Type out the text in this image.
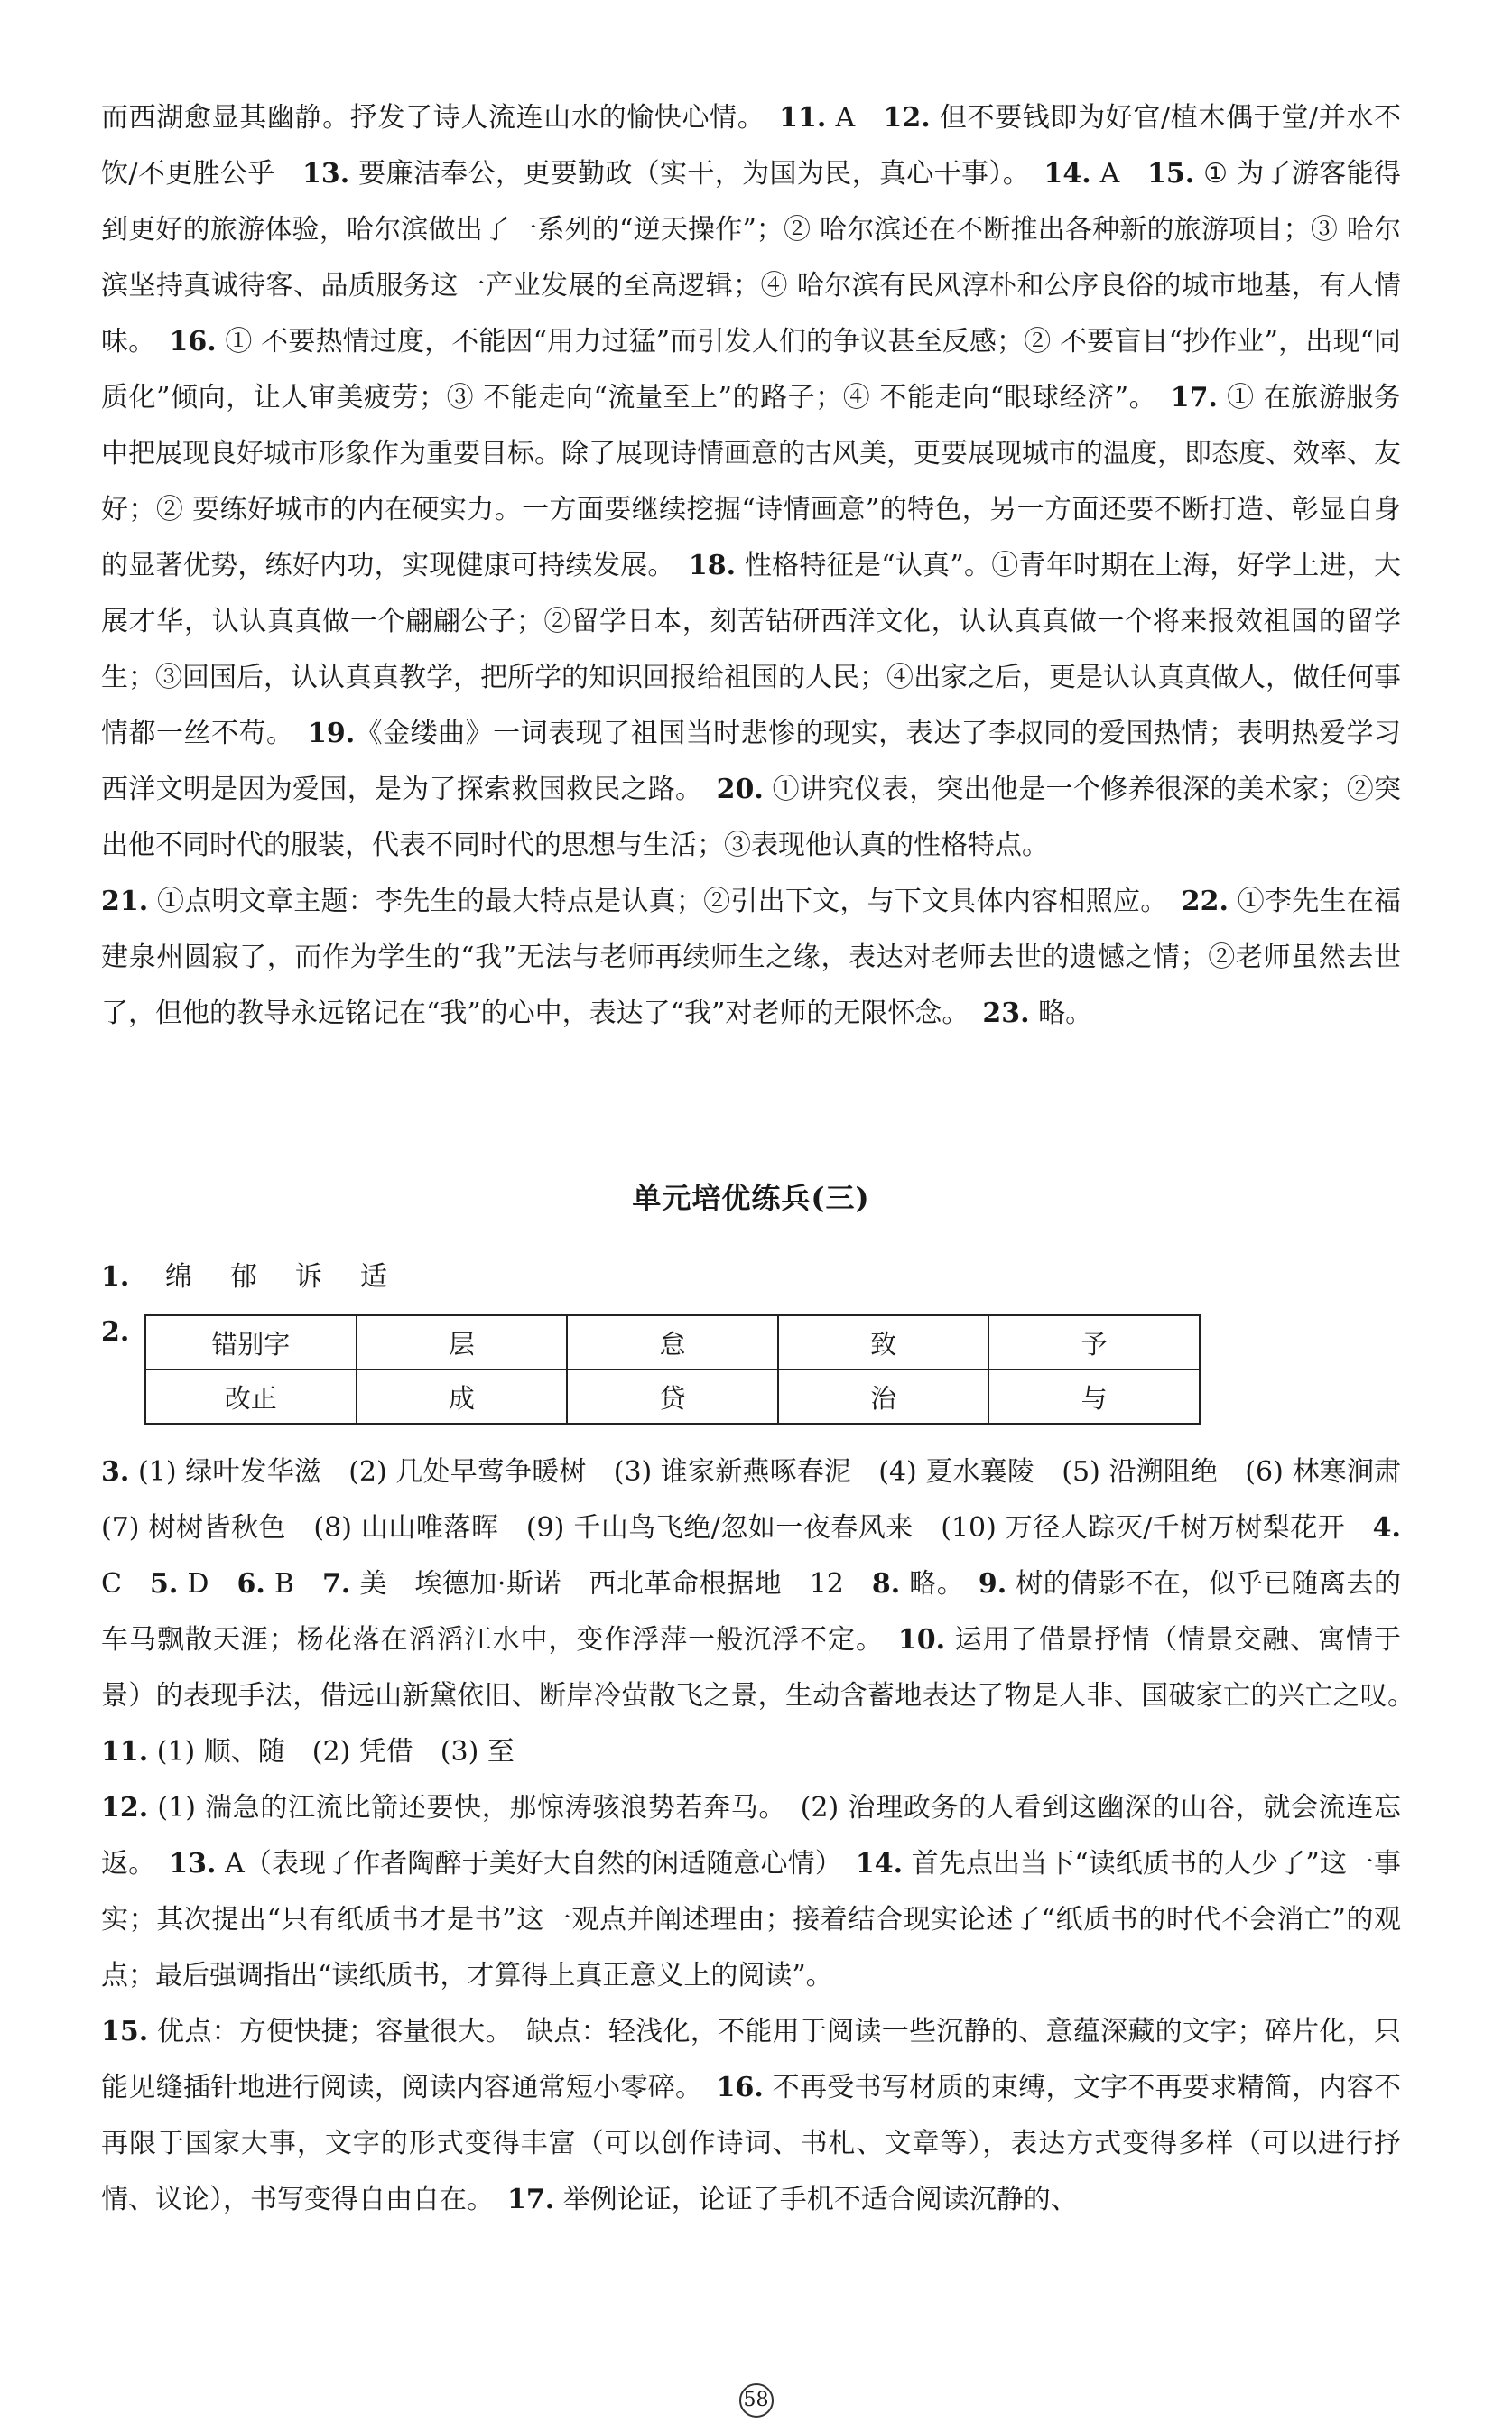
而西湖愈显其幽静。抒发了诗人流连山水的愉快心情。　 11. A　12. 但不要钱即为好官/植木偶于堂/并水不饮/不更胜公乎　13. 要廉洁奉公，更要勤政（实干，为国为民，真心干事）。　14. A　15. ① 为了游客能得到更好的旅游体验，哈尔滨做出了一系列的“逆天操作”；② 哈尔滨还在不断推出各种新的旅游项目；③ 哈尔滨坚持真诚待客、品质服务这一产业发展的至高逻辑；④ 哈尔滨有民风淳朴和公序良俗的城市地基，有人情味。　16. ① 不要热情过度，不能因“用力过猛”而引发人们的争议甚至反感；② 不要盲目“抄作业”，出现“同质化”倾向，让人审美疲劳；③ 不能走向“流量至上”的路子；④ 不能走向“眼球经济”。　17. ① 在旅游服务中把展现良好城市形象作为重要目标。除了展现诗情画意的古风美，更要展现城市的温度，即态度、效率、友好；② 要练好城市的内在硬实力。一方面要继续挖掘“诗情画意”的特色，另一方面还要不断打造、彰显自身的显著优势，练好内功，实现健康可持续发展。　18. 性格特征是“认真”。①青年时期在上海，好学上进，大展才华，认认真真做一个翩翩公子；②留学日本，刻苦钻研西洋文化，认认真真做一个将来报效祖国的留学生；③回国后，认认真真教学，把所学的知识回报给祖国的人民；④出家之后，更是认认真真做人，做任何事情都一丝不苟。　19.《金缕曲》一词表现了祖国当时悲惨的现实，表达了李叔同的爱国热情；表明热爱学习西洋文明是因为爱国，是为了探索救国救民之路。　20. ①讲究仪表，突出他是一个修养很深的美术家；②突出他不同时代的服装，代表不同时代的思想与生活；③表现他认真的性格特点。

21. ①点明文章主题：李先生的最大特点是认真；②引出下文，与下文具体内容相照应。　22. ①李先生在福建泉州圆寂了，而作为学生的“我”无法与老师再续师生之缘，表达对老师去世的遗憾之情；②老师虽然去世了，但他的教导永远铭记在“我”的心中，表达了“我”对老师的无限怀念。　23. 略。

单元培优练兵(三)
1. 　 绵 郁 诉 适
2.	错别字	层	怠	致	予
改正	成	贷	治	与

3. (1) 绿叶发华滋　(2) 几处早莺争暖树　(3) 谁家新燕啄春泥　(4) 夏水襄陵　(5) 沿溯阻绝　(6) 林寒涧肃　(7) 树树皆秋色　(8) 山山唯落晖　(9) 千山鸟飞绝/忽如一夜春风来　(10) 万径人踪灭/千树万树梨花开　4. C　5. D　6. B　7. 美　埃德加·斯诺　西北革命根据地　12　8. 略。　9. 树的倩影不在，似乎已随离去的车马飘散天涯；杨花落在滔滔江水中，变作浮萍一般沉浮不定。　10. 运用了借景抒情（情景交融、寓情于景）的表现手法，借远山新黛依旧、断岸冷萤散飞之景，生动含蓄地表达了物是人非、国破家亡的兴亡之叹。　11. (1) 顺、随　(2) 凭借　(3) 至

12. (1) 湍急的江流比箭还要快，那惊涛骇浪势若奔马。　(2) 治理政务的人看到这幽深的山谷，就会流连忘返。　13. A（表现了作者陶醉于美好大自然的闲适随意心情）　14. 首先点出当下“读纸质书的人少了”这一事实；其次提出“只有纸质书才是书”这一观点并阐述理由；接着结合现实论述了“纸质书的时代不会消亡”的观点；最后强调指出“读纸质书，才算得上真正意义上的阅读”。

15. 优点：方便快捷；容量很大。　缺点：轻浅化，不能用于阅读一些沉静的、意蕴深藏的文字；碎片化，只能见缝插针地进行阅读，阅读内容通常短小零碎。　16. 不再受书写材质的束缚，文字不再要求精简，内容不再限于国家大事，文字的形式变得丰富（可以创作诗词、书札、文章等），表达方式变得多样（可以进行抒情、议论），书写变得自由自在。　17. 举例论证，论证了手机不适合阅读沉静的、

58
